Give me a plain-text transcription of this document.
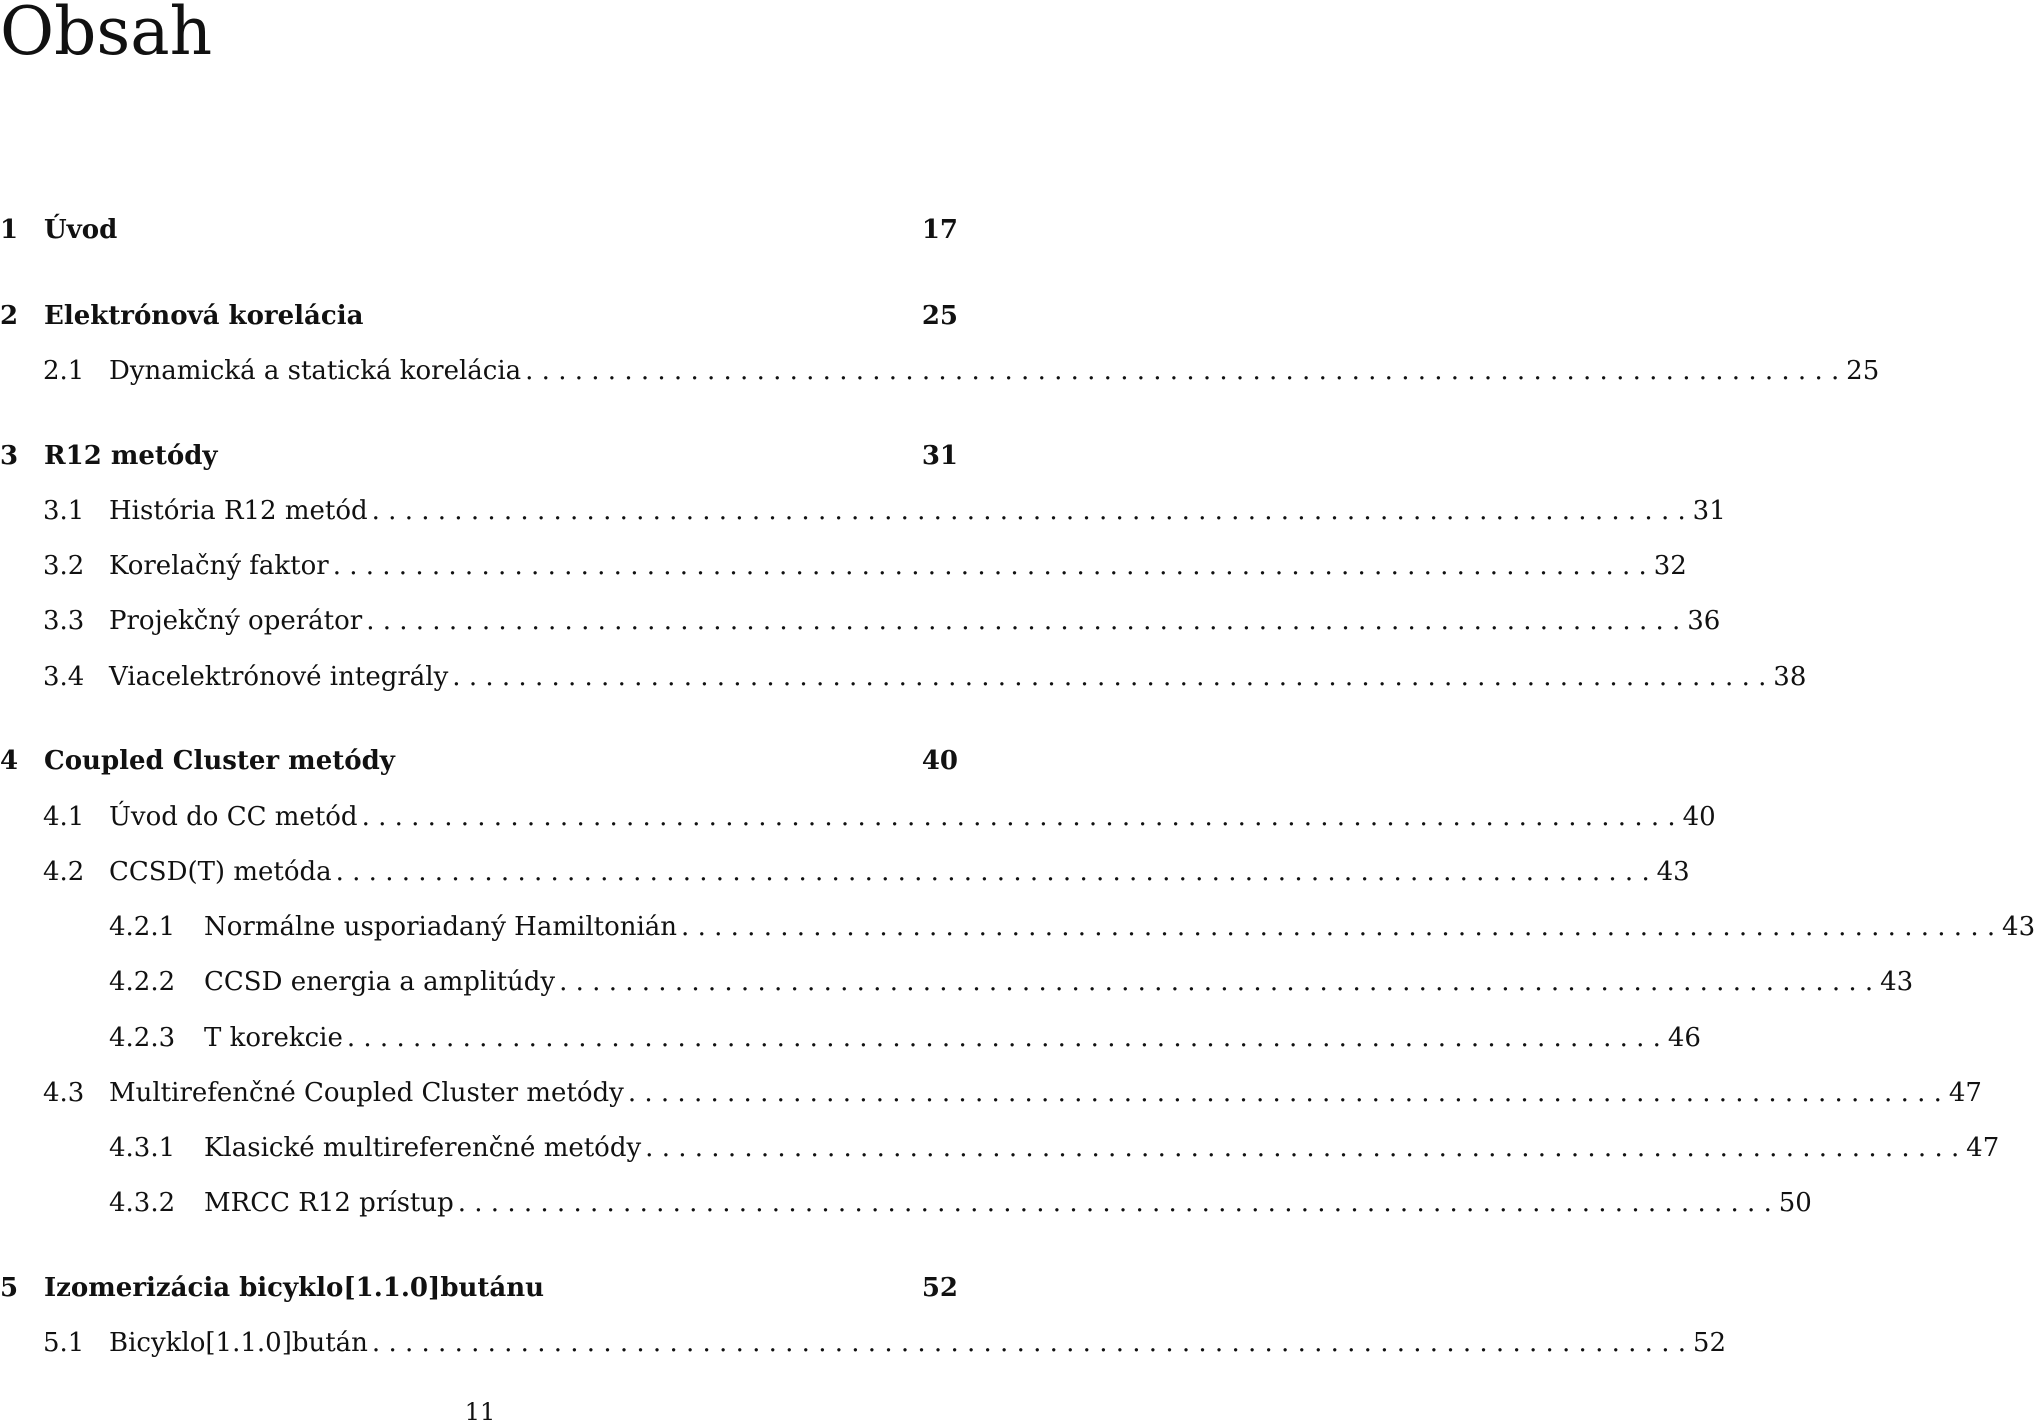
Obsah
1 Úvod	17
2 Elektrónová korelácia	25
2.1 Dynamická a statická korelácia . . . . . . . . . . . . . . . . . . . . . . . . . . . . . . . . . . . . . . . . . . . . . . . . . . . . . . . . . . . . . . . . . . . . . . . . . . . . . . . . 25
3 R12 metódy	31
3.1 História R12 metód . . . . . . . . . . . . . . . . . . . . . . . . . . . . . . . . . . . . . . . . . . . . . . . . . . . . . . . . . . . . . . . . . . . . . . . . . . . . . . . . 31
3.2 Korelačný faktor . . . . . . . . . . . . . . . . . . . . . . . . . . . . . . . . . . . . . . . . . . . . . . . . . . . . . . . . . . . . . . . . . . . . . . . . . . . . . . . . 32
3.3 Projekčný operátor . . . . . . . . . . . . . . . . . . . . . . . . . . . . . . . . . . . . . . . . . . . . . . . . . . . . . . . . . . . . . . . . . . . . . . . . . . . . . . . . 36
3.4 Viacelektrónové integrály . . . . . . . . . . . . . . . . . . . . . . . . . . . . . . . . . . . . . . . . . . . . . . . . . . . . . . . . . . . . . . . . . . . . . . . . . . . . . . . . 38
4 Coupled Cluster metódy	40
4.1 Úvod do CC metód . . . . . . . . . . . . . . . . . . . . . . . . . . . . . . . . . . . . . . . . . . . . . . . . . . . . . . . . . . . . . . . . . . . . . . . . . . . . . . . . 40
4.2 CCSD(T) metóda . . . . . . . . . . . . . . . . . . . . . . . . . . . . . . . . . . . . . . . . . . . . . . . . . . . . . . . . . . . . . . . . . . . . . . . . . . . . . . . . 43
4.2.1	Normálne usporiadaný Hamiltonián . . . . . . . . . . . . . . . . . . . . . . . . . . . . . . . . . . . . . . . . . . . . . . . . . . . . . . . . . . . . . . . . . . . . . . . . . . . . . . . . 43
4.2.2	CCSD energia a amplitúdy . . . . . . . . . . . . . . . . . . . . . . . . . . . . . . . . . . . . . . . . . . . . . . . . . . . . . . . . . . . . . . . . . . . . . . . . . . . . . . . . 43
4.2.3	T korekcie . . . . . . . . . . . . . . . . . . . . . . . . . . . . . . . . . . . . . . . . . . . . . . . . . . . . . . . . . . . . . . . . . . . . . . . . . . . . . . . . 46
4.3 Multirefenčné Coupled Cluster metódy . . . . . . . . . . . . . . . . . . . . . . . . . . . . . . . . . . . . . . . . . . . . . . . . . . . . . . . . . . . . . . . . . . . . . . . . . . . . . . . . 47
4.3.1	Klasické multireferenčné metódy . . . . . . . . . . . . . . . . . . . . . . . . . . . . . . . . . . . . . . . . . . . . . . . . . . . . . . . . . . . . . . . . . . . . . . . . . . . . . . . . 47
4.3.2	MRCC R12 prístup . . . . . . . . . . . . . . . . . . . . . . . . . . . . . . . . . . . . . . . . . . . . . . . . . . . . . . . . . . . . . . . . . . . . . . . . . . . . . . . . 50
5 Izomerizácia bicyklo[1.1.0]butánu	52
5.1 Bicyklo[1.1.0]bután . . . . . . . . . . . . . . . . . . . . . . . . . . . . . . . . . . . . . . . . . . . . . . . . . . . . . . . . . . . . . . . . . . . . . . . . . . . . . . . . 52
11
